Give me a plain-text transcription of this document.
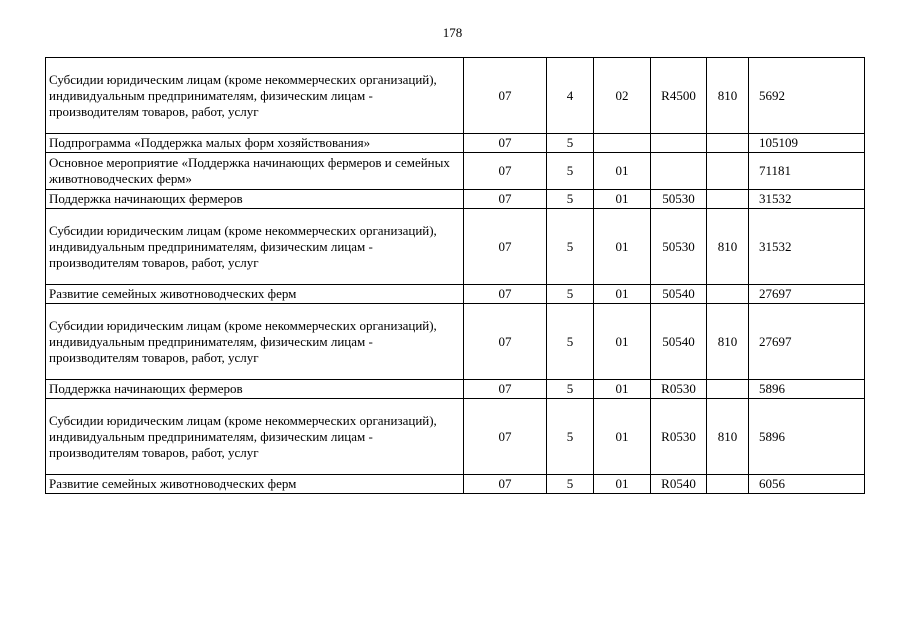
178
Субсидии юридическим лицам (кроме некоммерческих организаций), индивидуальным предпринимателям, физическим лицам - производителям товаров, работ, услуг	07	4	02	R4500	810	5692
Подпрограмма «Поддержка малых форм хозяйствования»	07	5				105109
Основное мероприятие «Поддержка начинающих фермеров и семейных животноводческих ферм»	07	5	01			71181
Поддержка начинающих фермеров	07	5	01	50530		31532
Субсидии юридическим лицам (кроме некоммерческих организаций), индивидуальным предпринимателям, физическим лицам - производителям товаров, работ, услуг	07	5	01	50530	810	31532
Развитие семейных животноводческих ферм	07	5	01	50540		27697
Субсидии юридическим лицам (кроме некоммерческих организаций), индивидуальным предпринимателям, физическим лицам - производителям товаров, работ, услуг	07	5	01	50540	810	27697
Поддержка начинающих фермеров	07	5	01	R0530		5896
Субсидии юридическим лицам (кроме некоммерческих организаций), индивидуальным предпринимателям, физическим лицам - производителям товаров, работ, услуг	07	5	01	R0530	810	5896
Развитие семейных животноводческих ферм	07	5	01	R0540		6056
